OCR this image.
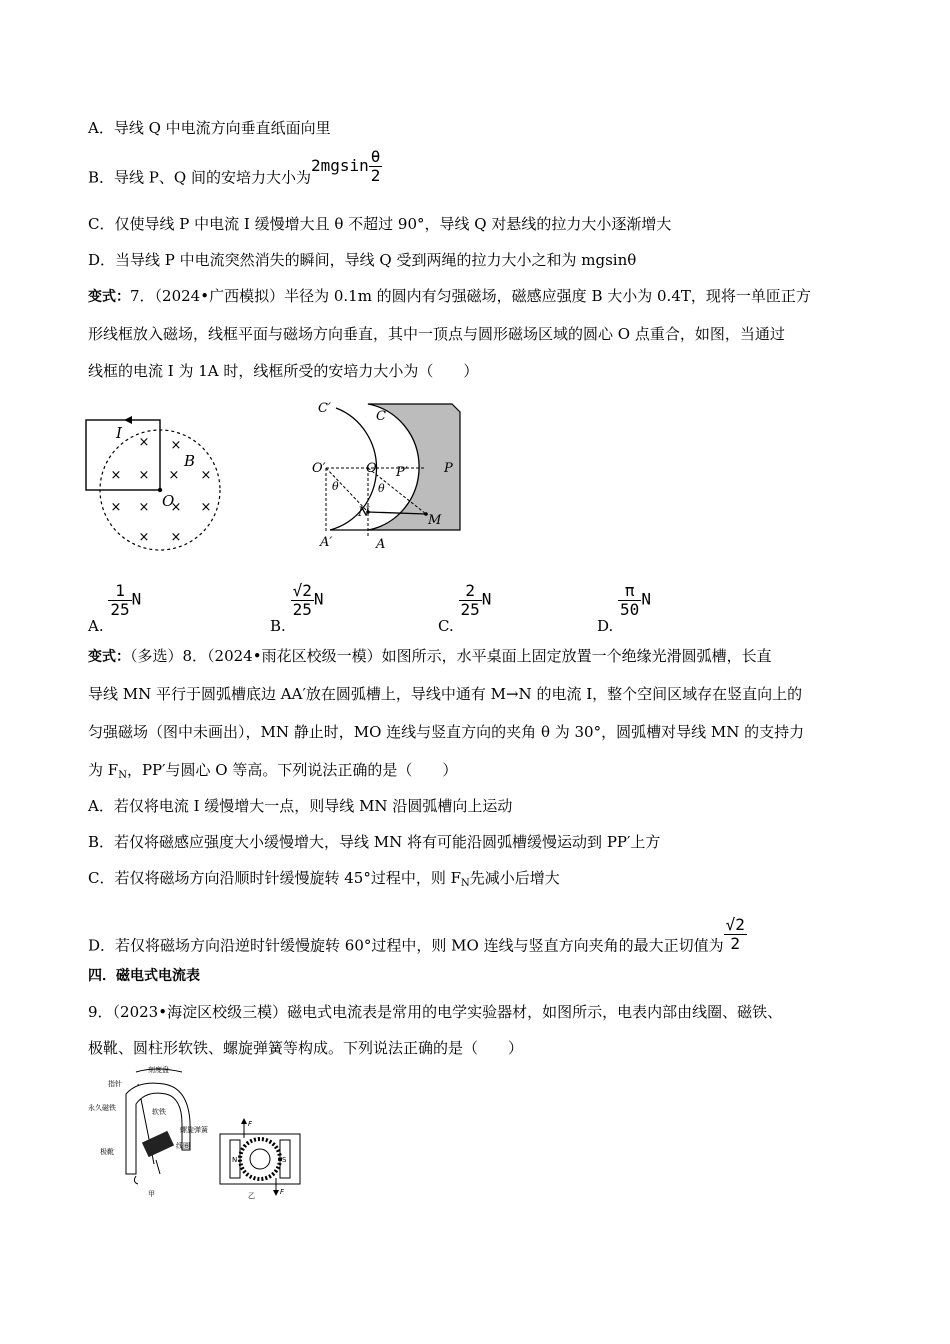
A．导线 Q 中电流方向垂直纸面向里
B．导线 P、Q 间的安培力大小为$2mgsin \frac{\theta}{2}$
C．仅使导线 P 中电流 I 缓慢增大且 θ 不超过 90°，导线 Q 对悬线的拉力大小逐渐增大
D．当导线 P 中电流突然消失的瞬间，导线 Q 受到两绳的拉力大小之和为 mgsinθ
变式：7．（2024•广西模拟）半径为 0.1m 的圆内有匀强磁场，磁感应强度 B 大小为 0.4T，现将一单匝正方
形线框放入磁场，线框平面与磁场方向垂直，其中一顶点与圆形磁场区域的圆心 O 点重合，如图，当通过
线框的电流 I 为 1A 时，线框所受的安培力大小为（　　）
×
× × × ×
× ×	×
× ×
×
×
I
B
O
C′
C
O′	O P′	P
θ	θ
N
M
A′	A
A.
$\frac{1}{25}$ N
B.
$\frac{√2}{25}$ N
C.
$\frac{2}{25}$ N
D.
$\frac{\pi}{50}$ N
变式：（多选）8．（2024•雨花区校级一模）如图所示，水平桌面上固定放置一个绝缘光滑圆弧槽，长直
导线 MN 平行于圆弧槽底边 AA′放在圆弧槽上，导线中通有 M→N 的电流 I，整个空间区域存在竖直向上的
匀强磁场（图中未画出），MN 静止时，MO 连线与竖直方向的夹角 θ 为 30°，圆弧槽对导线 MN 的支持力
为 $F_N$，PP′与圆心 O 等高。下列说法正确的是（　　）
A．若仅将电流 I 缓慢增大一点，则导线 MN 沿圆弧槽向上运动
B．若仅将磁感应强度大小缓慢增大，导线 MN 将有可能沿圆弧槽缓慢运动到 PP′上方
C．若仅将磁场方向沿顺时针缓慢旋转 45°过程中，则 $F_N$先减小后增大
D．若仅将磁场方向沿逆时针缓慢旋转 60°过程中，则 MO 连线与竖直方向夹角的最大正切值为 $\frac{√2}{2}$
四．磁电式电流表
9．（2023•海淀区校级三模）磁电式电流表是常用的电学实验器材，如图所示，电表内部由线圈、磁铁、
极靴、圆柱形软铁、螺旋弹簧等构成。下列说法正确的是（　　）
刻度盘
指针
永久磁铁	软铁
螺旋弹簧
线圈
极靴
甲
F
N	S
F
乙
